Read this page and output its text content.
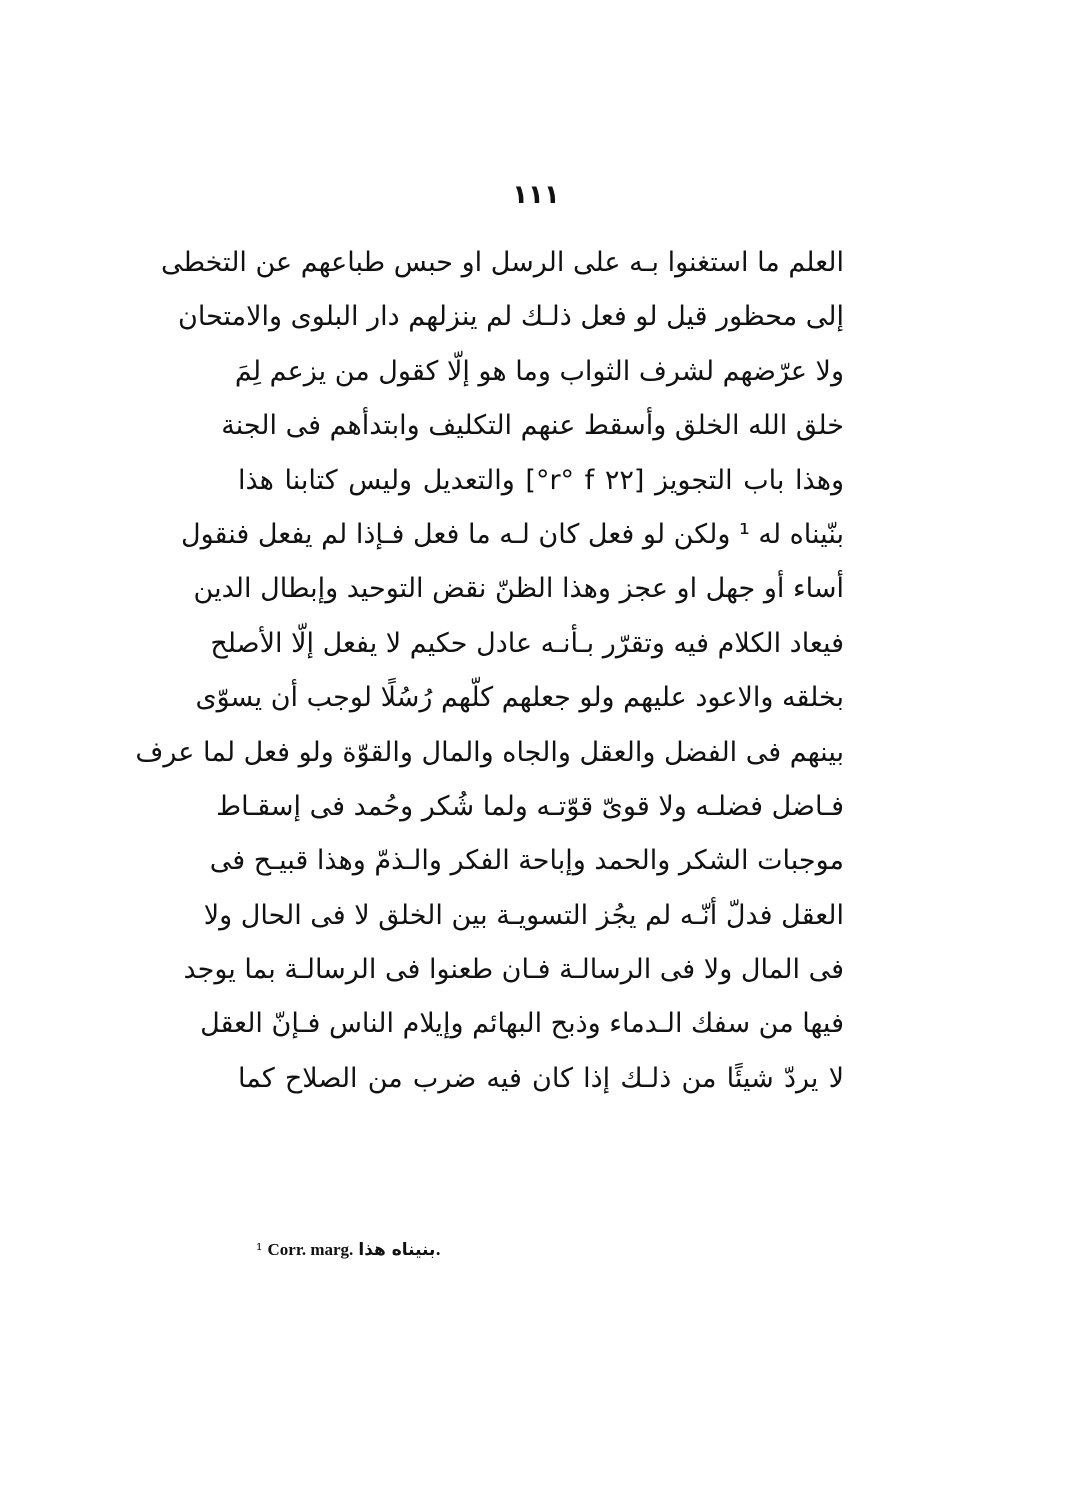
١١١
العلم ما استغنوا بـه على الرسل او حبس طباعهم عن التخطى
إلى محظور قيل لو فعل ذلـك لم ينزلهم دار البلوى والامتحان
ولا عرّضهم لشرف الثواب وما هو إلّا كقول من يزعم لِمَ
خلق الله الخلق وأسقط عنهم التكليف وابتدأهم فى الجنة
وهذا باب التجويز [٢٢ r° f°] والتعديل وليس كتابنا هذا
بنّيناه له ¹ ولكن لو فعل كان لـه ما فعل فـإذا لم يفعل فنقول
أساء أو جهل او عجز وهذا الظنّ نقض التوحيد وإبطال الدين
فيعاد الكلام فيه وتقرّر بـأنـه عادل حكيم لا يفعل إلّا الأصلح
بخلقه والاعود عليهم ولو جعلهم كلّهم رُسُلًا لوجب أن يسوّى
بينهم فى الفضل والعقل والجاه والمال والقوّة ولو فعل لما عرف
فـاضل فضلـه ولا قوىّ قوّتـه ولما شُكر وحُمد فى إسقـاط
موجبات الشكر والحمد وإباحة الفكر والـذمّ وهذا قبيـح فى
العقل فدلّ أنّـه لم يجُز التسويـة بين الخلق لا فى الحال ولا
فى المال ولا فى الرسالـة فـان طعنوا فى الرسالـة بما يوجد
فيها من سفك الـدماء وذبح البهائم وإيلام الناس فـإنّ العقل
لا يردّ شيئًا من ذلـك إذا كان فيه ضرب من الصلاح كما
¹ Corr. marg. بنيناه هذا.
